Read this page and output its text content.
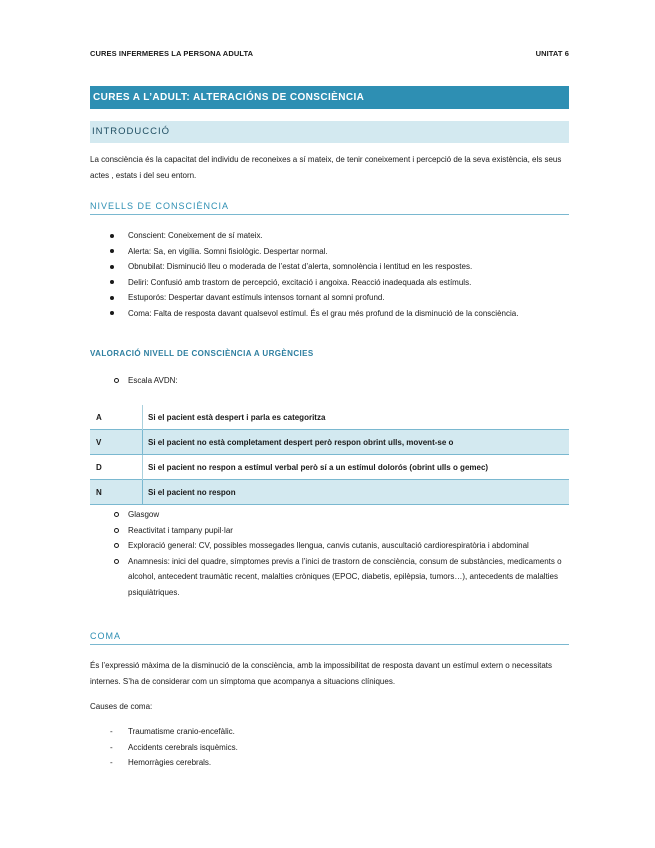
CURES INFERMERES LA PERSONA ADULTA	UNITAT 6
CURES A L’ADULT: ALTERACIÓNS DE CONSCIÈNCIA
INTRODUCCIÓ
La consciència és la capacitat del individu de reconeixes a sí mateix, de tenir coneixement i percepció de la seva existència, els seus actes , estats i del seu entorn.
NIVELLS DE CONSCIÈNCIA
Conscient: Coneixement de sí mateix.
Alerta: Sa, en vigília. Somni fisiològic. Despertar normal.
Obnubilat: Disminució lleu o moderada de l’estat d’alerta, somnolència i lentitud en les respostes.
Deliri: Confusió amb trastorn de percepció, excitació i angoixa. Reacció inadequada als estímuls.
Estuporós: Despertar davant estímuls intensos tornant al somni profund.
Coma: Falta de resposta davant qualsevol estímul. És el grau més profund de la disminució de la consciència.
VALORACIÓ NIVELL DE CONSCIÈNCIA A URGÈNCIES
Escala AVDN:
A	Si el pacient està despert i parla es categoritza
V	Si el pacient no està completament despert però respon obrint ulls, movent-se o
D	Si el pacient no respon a estímul verbal però sí a un estímul dolorós (obrint ulls o gemec)
N	Si el pacient no respon
Glasgow
Reactivitat i tampany pupil·lar
Exploració general: CV, possibles mossegades llengua, canvis cutanis, auscultació cardiorespiratòria i abdominal
Anamnesis: inici del quadre, símptomes previs a l’inici de trastorn de consciència, consum de substàncies, medicaments o alcohol, antecedent traumàtic recent, malalties cròniques (EPOC, diabetis, epilèpsia, tumors…), antecedents de malalties psiquiàtriques.
COMA
És l’expressió màxima de la disminució de la consciència, amb la impossibilitat de resposta davant un estímul extern o necessitats internes. S’ha de considerar com un símptoma que acompanya a situacions clíniques.
Causes de coma:
- Traumatisme cranio-encefàlic.
- Accidents cerebrals isquèmics.
- Hemorràgies cerebrals.
